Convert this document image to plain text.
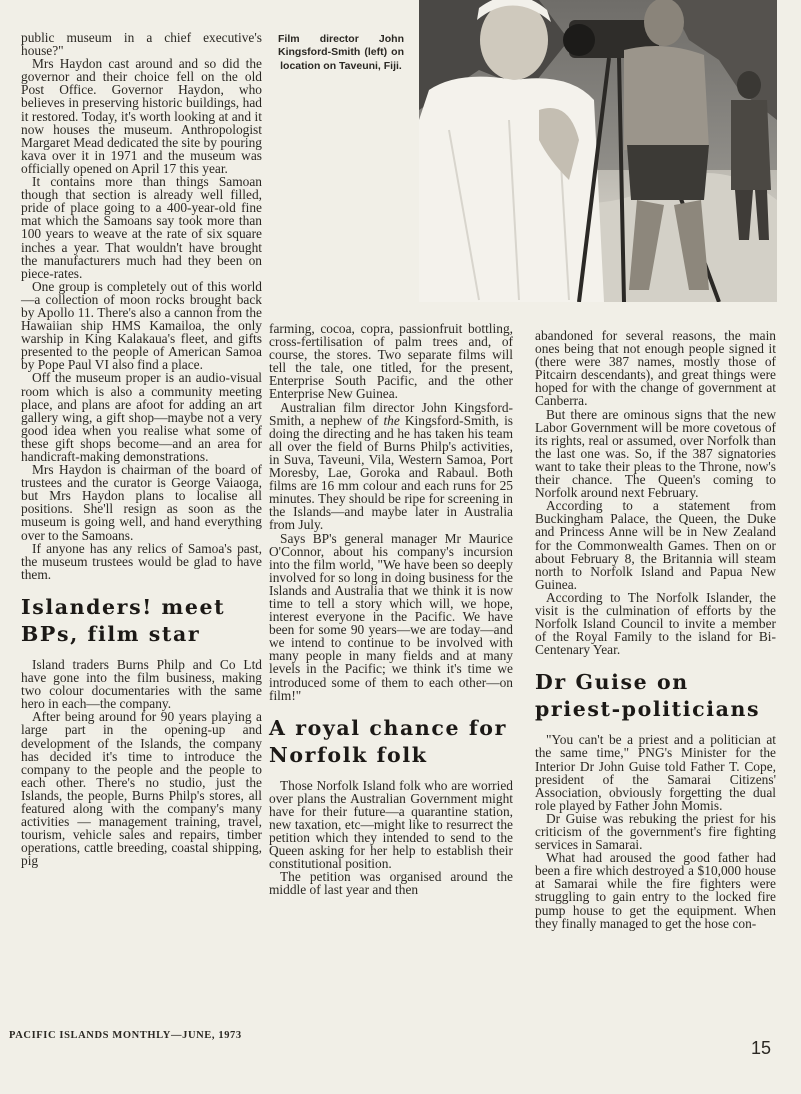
Film director John Kingsford-Smith (left) on location on Taveuni, Fiji.

public museum in a chief executive's house?"

Mrs Haydon cast around and so did the governor and their choice fell on the old Post Office. Governor Haydon, who believes in preserving historic buildings, had it restored. Today, it's worth looking at and it now houses the museum. Anthropologist Margaret Mead dedicated the site by pouring kava over it in 1971 and the museum was officially opened on April 17 this year.

It contains more than things Samoan though that section is already well filled, pride of place going to a 400-year-old fine mat which the Samoans say took more than 100 years to weave at the rate of six square inches a year. That wouldn't have brought the manufacturers much had they been on piece-rates.

One group is completely out of this world—a collection of moon rocks brought back by Apollo 11. There's also a cannon from the Hawaiian ship HMS Kamailoa, the only warship in King Kalakaua's fleet, and gifts presented to the people of American Samoa by Pope Paul VI also find a place.

Off the museum proper is an audio-visual room which is also a community meeting place, and plans are afoot for adding an art gallery wing, a gift shop—maybe not a very good idea when you realise what some of these gift shops become—and an area for handicraft-making demonstrations.

Mrs Haydon is chairman of the board of trustees and the curator is George Vaiaoga, but Mrs Haydon plans to localise all positions. She'll resign as soon as the museum is going well, and hand everything over to the Samoans.

If anyone has any relics of Samoa's past, the museum trustees would be glad to have them.

Islanders! meet BPs, film star

Island traders Burns Philp and Co Ltd have gone into the film business, making two colour documentaries with the same hero in each—the company.

After being around for 90 years playing a large part in the opening-up and development of the Islands, the company has decided it's time to introduce the company to the people and the people to each other. There's no studio, just the Islands, the people, Burns Philp's stores, all featured along with the company's many activities — management training, travel, tourism, vehicle sales and repairs, timber operations, cattle breeding, coastal shipping, pig

farming, cocoa, copra, passionfruit bottling, cross-fertilisation of palm trees and, of course, the stores. Two separate films will tell the tale, one titled, for the present, Enterprise South Pacific, and the other Enterprise New Guinea.

Australian film director John Kingsford-Smith, a nephew of the Kingsford-Smith, is doing the directing and he has taken his team all over the field of Burns Philp's activities, in Suva, Taveuni, Vila, Western Samoa, Port Moresby, Lae, Goroka and Rabaul. Both films are 16 mm colour and each runs for 25 minutes. They should be ripe for screening in the Islands—and maybe later in Australia from July.

Says BP's general manager Mr Maurice O'Connor, about his company's incursion into the film world, "We have been so deeply involved for so long in doing business for the Islands and Australia that we think it is now time to tell a story which will, we hope, interest everyone in the Pacific. We have been for some 90 years—we are today—and we intend to continue to be involved with many people in many fields and at many levels in the Pacific; we think it's time we introduced some of them to each other—on film!"

A royal chance for Norfolk folk

Those Norfolk Island folk who are worried over plans the Australian Government might have for their future—a quarantine station, new taxation, etc—might like to resurrect the petition which they intended to send to the Queen asking for her help to establish their constitutional position.

The petition was organised around the middle of last year and then

abandoned for several reasons, the main ones being that not enough people signed it (there were 387 names, mostly those of Pitcairn descendants), and great things were hoped for with the change of government at Canberra.

But there are ominous signs that the new Labor Government will be more covetous of its rights, real or assumed, over Norfolk than the last one was. So, if the 387 signatories want to take their pleas to the Throne, now's their chance. The Queen's coming to Norfolk around next February.

According to a statement from Buckingham Palace, the Queen, the Duke and Princess Anne will be in New Zealand for the Commonwealth Games. Then on or about February 8, the Britannia will steam north to Norfolk Island and Papua New Guinea.

According to The Norfolk Islander, the visit is the culmination of efforts by the Norfolk Island Council to invite a member of the Royal Family to the island for Bi-Centenary Year.

Dr Guise on priest-politicians

"You can't be a priest and a politician at the same time," PNG's Minister for the Interior Dr John Guise told Father T. Cope, president of the Samarai Citizens' Association, obviously forgetting the dual role played by Father John Momis.

Dr Guise was rebuking the priest for his criticism of the government's fire fighting services in Samarai.

What had aroused the good father had been a fire which destroyed a $10,000 house at Samarai while the fire fighters were struggling to gain entry to the locked fire pump house to get the equipment. When they finally managed to get the hose con-

PACIFIC ISLANDS MONTHLY—JUNE, 1973
15
